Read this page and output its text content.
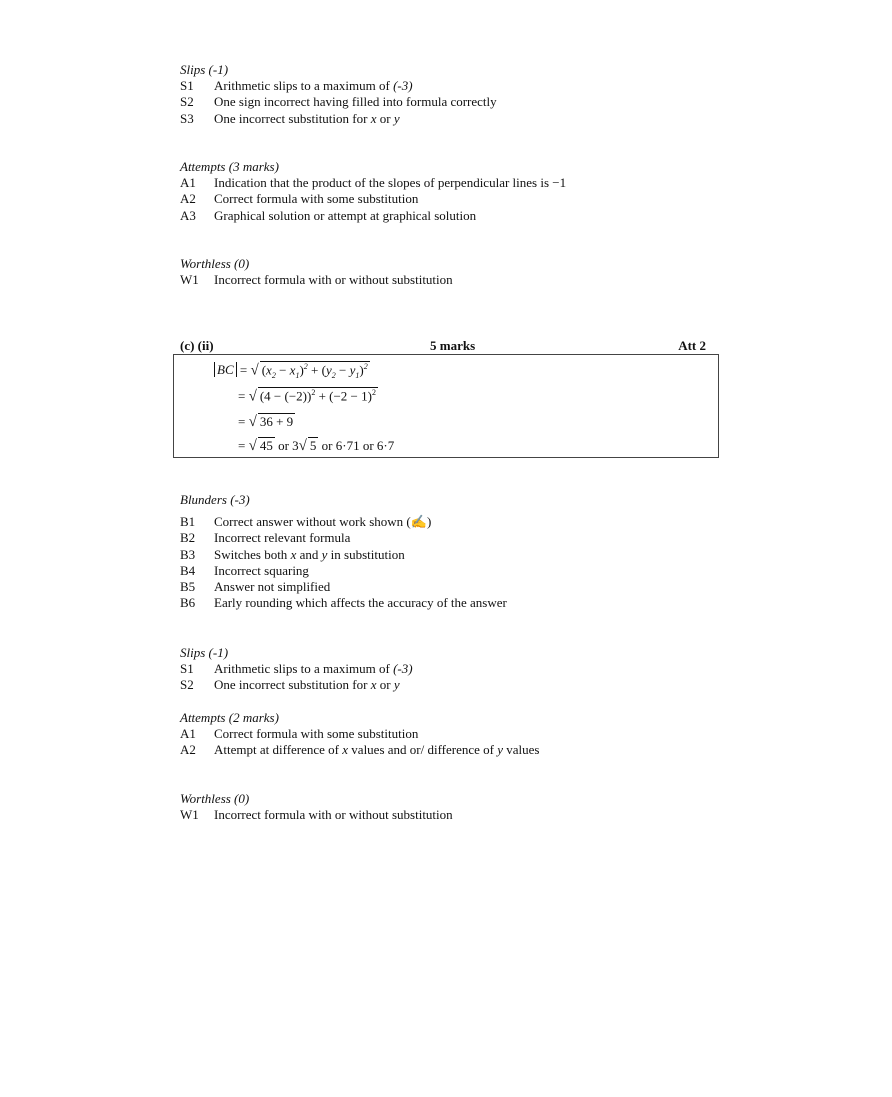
Slips (-1)
S1	Arithmetic slips to a maximum of (-3)
S2	One sign incorrect having filled into formula correctly
S3	One incorrect substitution for x or y
Attempts (3 marks)
A1	Indication that the product of the slopes of perpendicular lines is −1
A2	Correct formula with some substitution
A3	Graphical solution or attempt at graphical solution
Worthless (0)
W1	Incorrect formula with or without substitution
(c) (ii)	5 marks	Att 2
BC = √ $(x_2 - x_1)^2 + (y_2 - y_1)^2$
= √ $(4 - (-2))^2 + (-2 - 1)^2$
= √ 36 + 9
= √ 45 or 3√ 5 or 6·71 or 6·7
Blunders (-3)
B1	Correct answer without work shown (✍)
B2	Incorrect relevant formula
B3	Switches both x and y in substitution
B4	Incorrect squaring
B5	Answer not simplified
B6	Early rounding which affects the accuracy of the answer
Slips (-1)
S1	Arithmetic slips to a maximum of (-3)
S2	One incorrect substitution for x or y
Attempts (2 marks)
A1	Correct formula with some substitution
A2	Attempt at difference of x values and or/ difference of y values
Worthless (0)
W1	Incorrect formula with or without substitution
